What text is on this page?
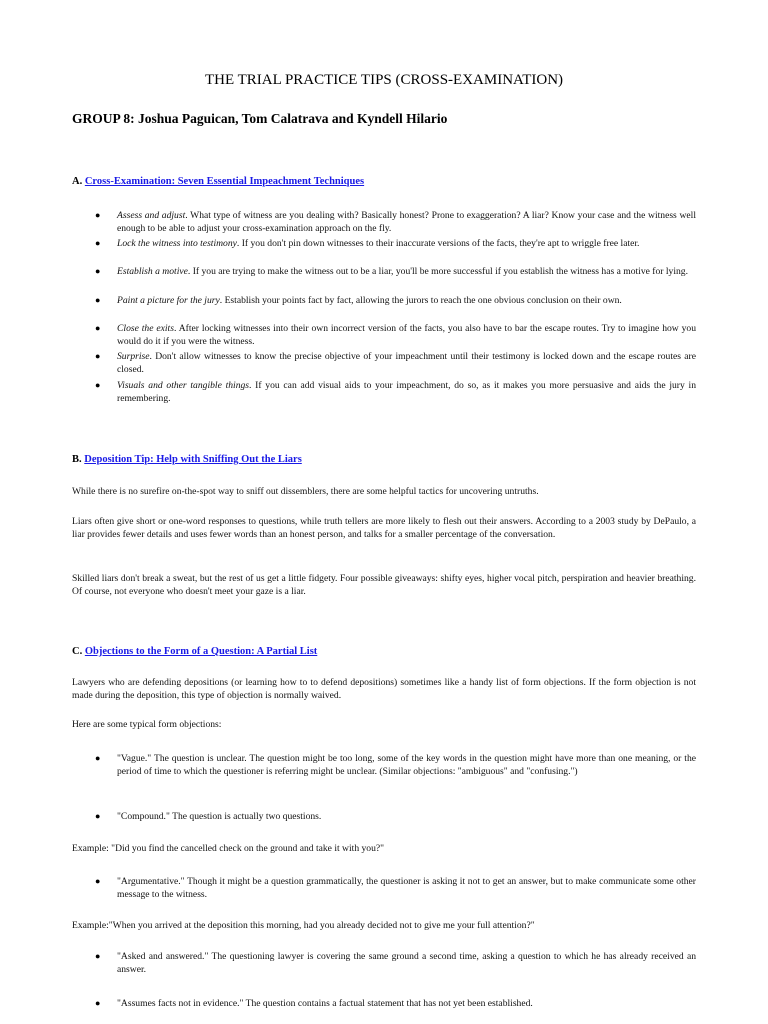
THE TRIAL PRACTICE TIPS (CROSS-EXAMINATION)
GROUP 8: Joshua Paguican, Tom Calatrava and Kyndell Hilario
A. Cross-Examination: Seven Essential Impeachment Techniques
● Assess and adjust. What type of witness are you dealing with? Basically honest? Prone to exaggeration? A liar? Know your case and the witness well enough to be able to adjust your cross-examination approach on the fly.
● Lock the witness into testimony. If you don't pin down witnesses to their inaccurate versions of the facts, they're apt to wriggle free later.
● Establish a motive. If you are trying to make the witness out to be a liar, you'll be more successful if you establish the witness has a motive for lying.
● Paint a picture for the jury. Establish your points fact by fact, allowing the jurors to reach the one obvious conclusion on their own.
● Close the exits. After locking witnesses into their own incorrect version of the facts, you also have to bar the escape routes. Try to imagine how you would do it if you were the witness.
● Surprise. Don't allow witnesses to know the precise objective of your impeachment until their testimony is locked down and the escape routes are closed.
● Visuals and other tangible things. If you can add visual aids to your impeachment, do so, as it makes you more persuasive and aids the jury in remembering.
B. Deposition Tip: Help with Sniffing Out the Liars
While there is no surefire on-the-spot way to sniff out dissemblers, there are some helpful tactics for uncovering untruths.
Liars often give short or one-word responses to questions, while truth tellers are more likely to flesh out their answers. According to a 2003 study by DePaulo, a liar provides fewer details and uses fewer words than an honest person, and talks for a smaller percentage of the conversation.
Skilled liars don't break a sweat, but the rest of us get a little fidgety. Four possible giveaways: shifty eyes, higher vocal pitch, perspiration and heavier breathing. Of course, not everyone who doesn't meet your gaze is a liar.
C. Objections to the Form of a Question: A Partial List
Lawyers who are defending depositions (or learning how to to defend depositions) sometimes like a handy list of form objections. If the form objection is not made during the deposition, this type of objection is normally waived.
Here are some typical form objections:
● "Vague." The question is unclear. The question might be too long, some of the key words in the question might have more than one meaning, or the period of time to which the questioner is referring might be unclear. (Similar objections: "ambiguous" and "confusing.")
● "Compound." The question is actually two questions.
Example: "Did you find the cancelled check on the ground and take it with you?"
● "Argumentative." Though it might be a question grammatically, the questioner is asking it not to get an answer, but to make communicate some other message to the witness.
Example:"When you arrived at the deposition this morning, had you already decided not to give me your full attention?"
● "Asked and answered." The questioning lawyer is covering the same ground a second time, asking a question to which he has already received an answer.
● "Assumes facts not in evidence." The question contains a factual statement that has not yet been established.
